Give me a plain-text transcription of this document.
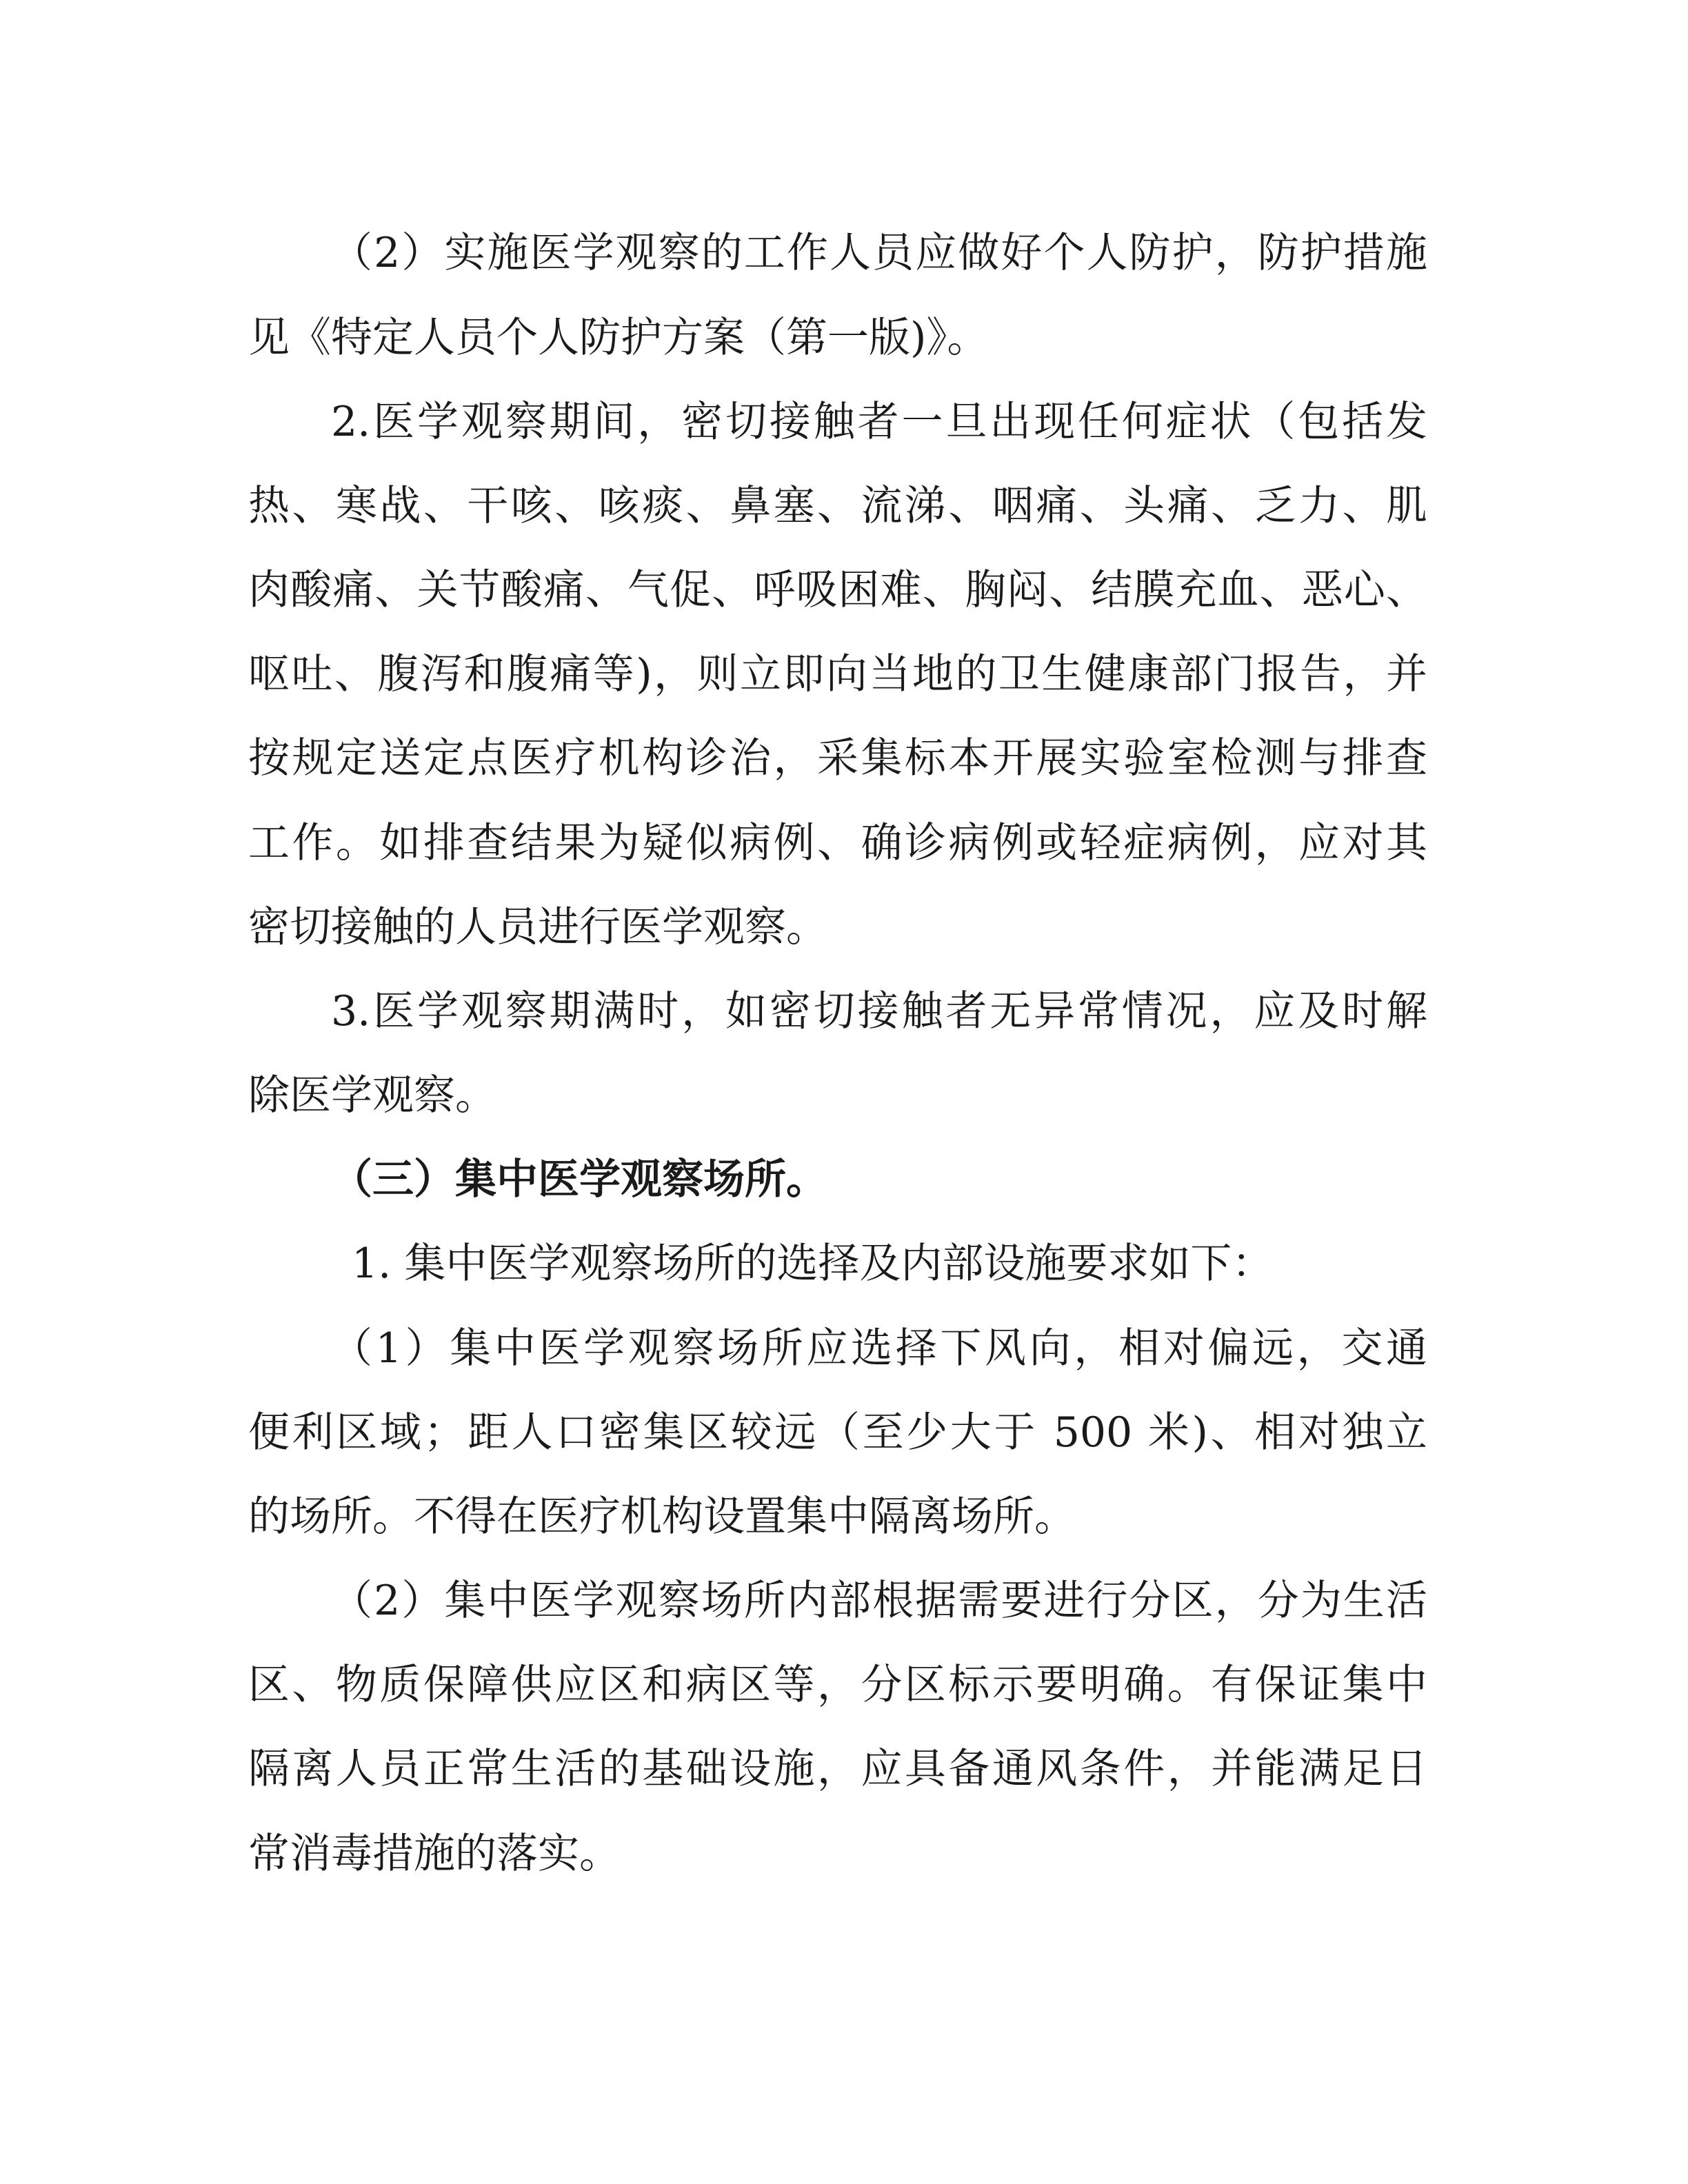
（2）实施医学观察的工作人员应做好个人防护，防护措施
见《特定人员个人防护方案（第一版)》。
2.医学观察期间，密切接触者一旦出现任何症状（包括发
热、寒战、干咳、咳痰、鼻塞、流涕、咽痛、头痛、乏力、肌
肉酸痛、关节酸痛、气促、呼吸困难、胸闷、结膜充血、恶心、
呕吐、腹泻和腹痛等)，则立即向当地的卫生健康部门报告，并
按规定送定点医疗机构诊治，采集标本开展实验室检测与排查
工作。如排查结果为疑似病例、确诊病例或轻症病例，应对其
密切接触的人员进行医学观察。
3.医学观察期满时，如密切接触者无异常情况，应及时解
除医学观察。
（三）集中医学观察场所。
1. 集中医学观察场所的选择及内部设施要求如下：
（1）集中医学观察场所应选择下风向，相对偏远，交通
便利区域；距人口密集区较远（至少大于 500 米)、相对独立
的场所。不得在医疗机构设置集中隔离场所。
（2）集中医学观察场所内部根据需要进行分区，分为生活
区、物质保障供应区和病区等，分区标示要明确。有保证集中
隔离人员正常生活的基础设施，应具备通风条件，并能满足日
常消毒措施的落实。
